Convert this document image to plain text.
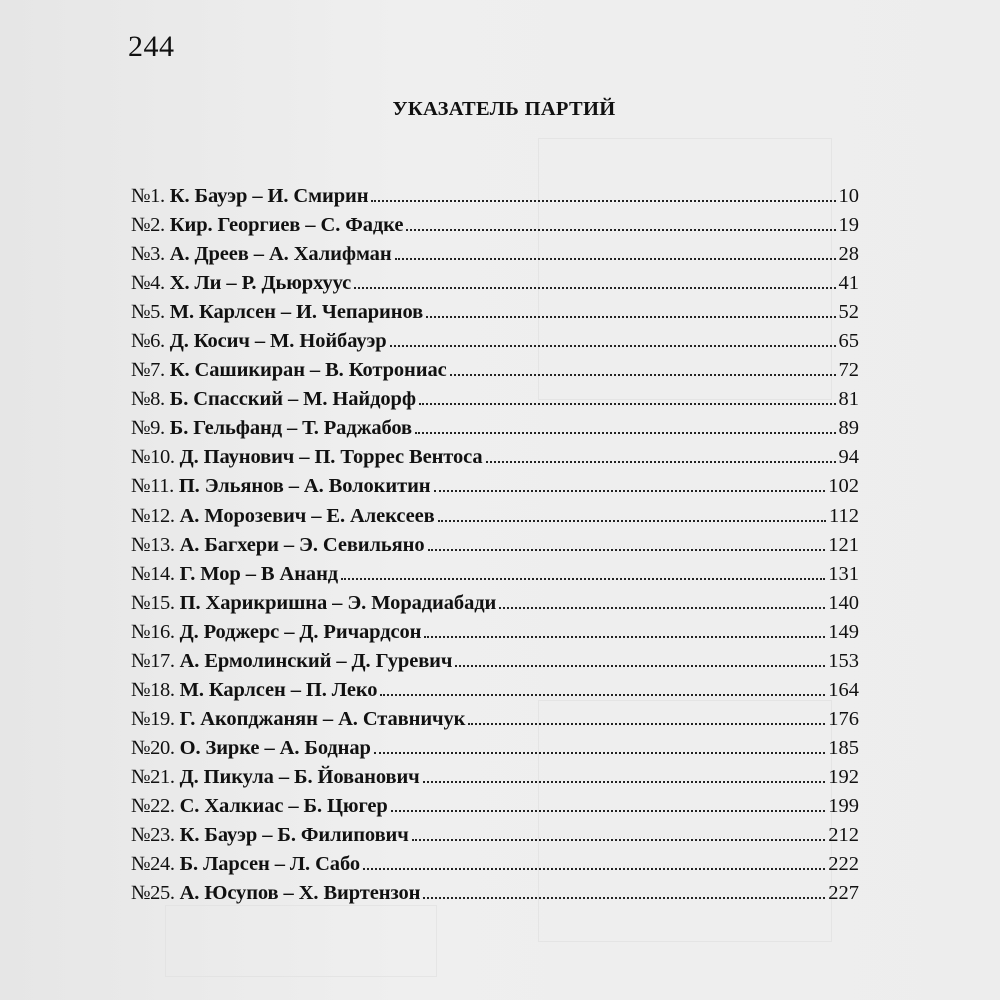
244
УКАЗАТЕЛЬ ПАРТИЙ
№1. К. Бауэр – И. Смирин	10
№2. Кир. Георгиев – С. Фадке	19
№3. А. Дреев – А. Халифман	28
№4. Х. Ли – Р. Дьюрхуус	41
№5. М. Карлсен – И. Чепаринов	52
№6. Д. Косич – М. Нойбауэр	65
№7. К. Сашикиран – В. Котрониас	72
№8. Б. Спасский – М. Найдорф	81
№9. Б. Гельфанд – Т. Раджабов	89
№10. Д. Паунович – П. Торрес Вентоса	94
№11. П. Эльянов – А. Волокитин	102
№12. А. Морозевич – Е. Алексеев	112
№13. А. Багхери – Э. Севильяно	121
№14. Г. Мор – В Ананд	131
№15. П. Харикришна – Э. Морадиабади	140
№16. Д. Роджерс – Д. Ричардсон	149
№17. А. Ермолинский – Д. Гуревич	153
№18. М. Карлсен – П. Леко	164
№19. Г. Акопджанян – А. Ставничук	176
№20. О. Зирке – А. Боднар	185
№21. Д. Пикула – Б. Йованович	192
№22. С. Халкиас – Б. Цюгер	199
№23. К. Бауэр – Б. Филипович	212
№24. Б. Ларсен – Л. Сабо	222
№25. А. Юсупов – Х. Виртензон	227
